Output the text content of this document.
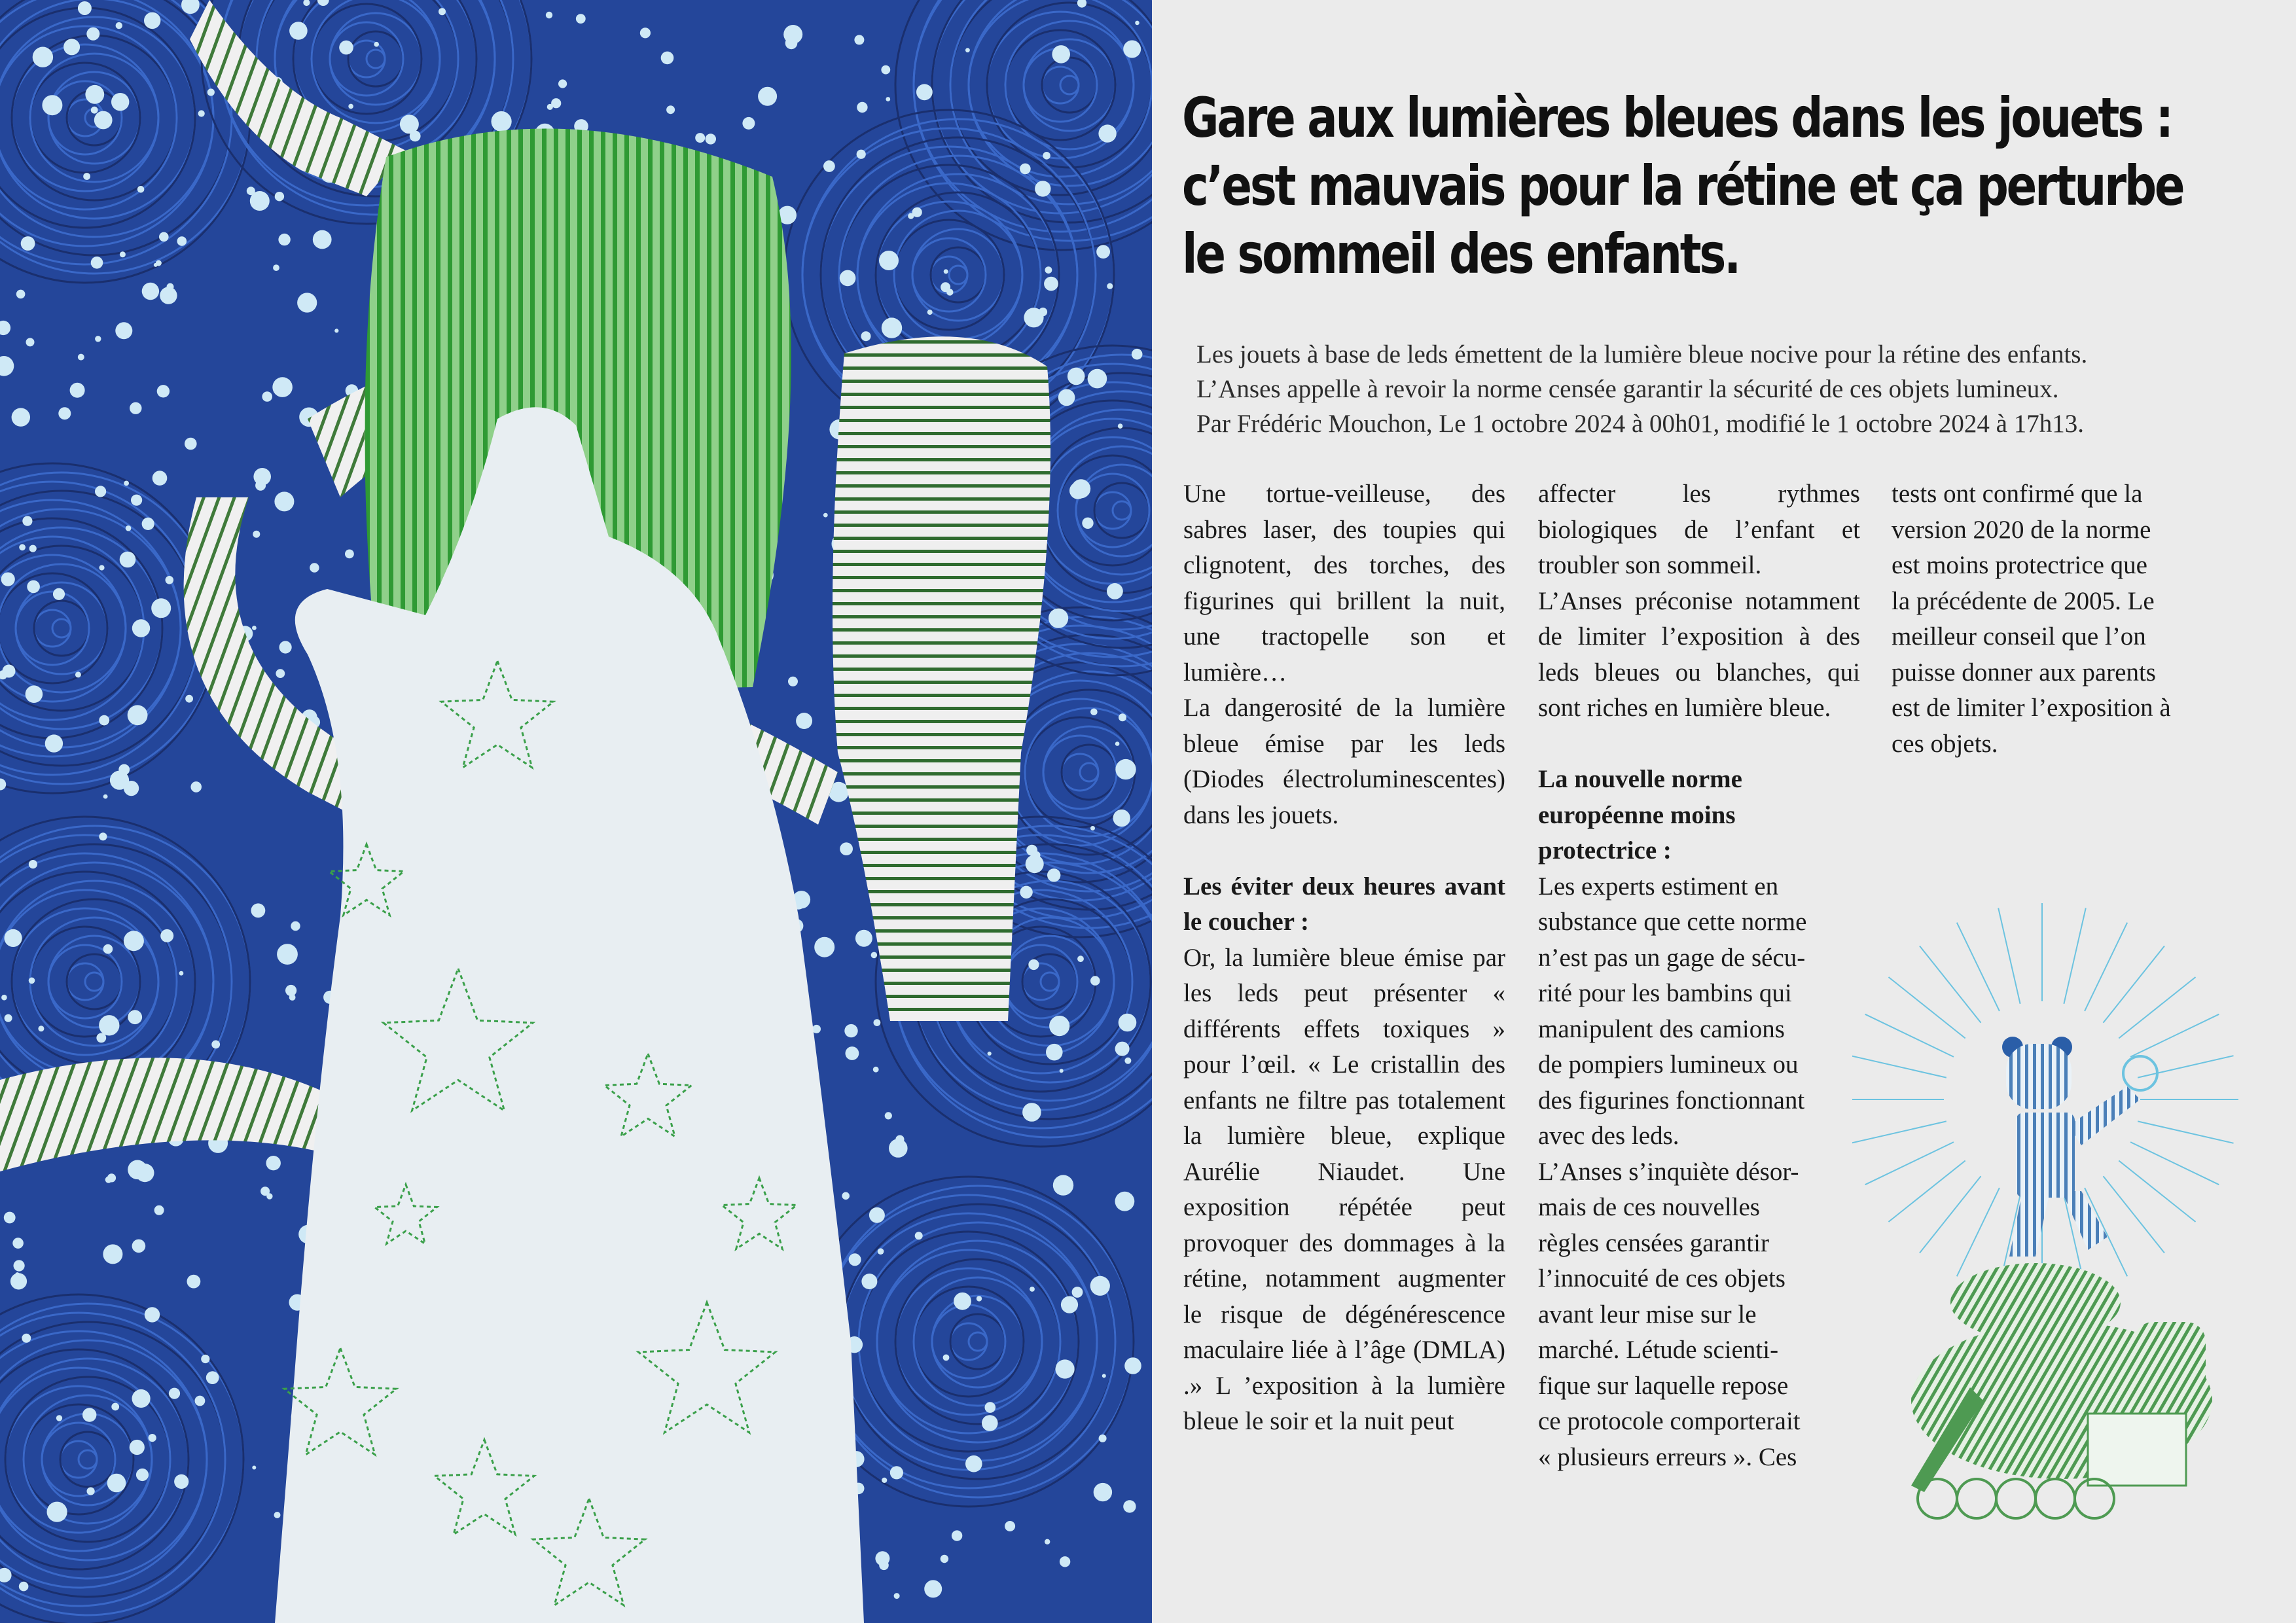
Gare aux lumières bleues dans les jouets :
c’est mauvais pour la rétine et ça perturbe
le sommeil des enfants.
Les jouets à base de leds émettent de la lumière bleue nocive pour la rétine des enfants.
L’Anses appelle à revoir la norme censée garantir la sécurité de ces objets lumineux.
Par Frédéric Mouchon, Le 1 octobre 2024 à 00h01, modifié le 1 octobre 2024 à 17h13.

Une tortue-veilleuse, des sabres laser, des toupies qui clignotent, des torches, des figurines qui brillent la nuit, une tractopelle son et lumière…

La dangerosité de la lumière bleue émise par les leds (Diodes électroluminescentes) dans les jouets.

Les éviter deux heures avant le coucher :

Or, la lumière bleue émise par les leds peut présenter « différents effets toxiques » pour l’œil. « Le cristallin des enfants ne filtre pas totalement la lumière bleue, explique Aurélie Niaudet. Une exposition répétée peut provoquer des dommages à la rétine, notamment augmenter le risque de dégénérescence maculaire liée à l’âge (DMLA) .» L ’exposition à la lumière bleue le soir et la nuit peut

affecter les rythmes biologiques de l’enfant et troubler son sommeil.

L’Anses préconise notamment de limiter l’exposition à des leds bleues ou blanches, qui sont riches en lumière bleue.

La nouvelle norme européenne moins protectrice :

Les experts estiment en
substance que cette norme
n’est pas un gage de sécu-
rité pour les bambins qui
manipulent des camions
de pompiers lumineux ou
des figurines fonctionnant
avec des leds.

L’Anses s’inquiète désor-
mais de ces nouvelles
règles censées garantir
l’innocuité de ces objets
avant leur mise sur le
marché. Létude scienti-
fique sur laquelle repose
ce protocole comporterait
« plusieurs erreurs ». Ces

tests ont confirmé que la
version 2020 de la norme
est moins protectrice que
la précédente de 2005. Le
meilleur conseil que l’on
puisse donner aux parents
est de limiter l’exposition à
ces objets.
